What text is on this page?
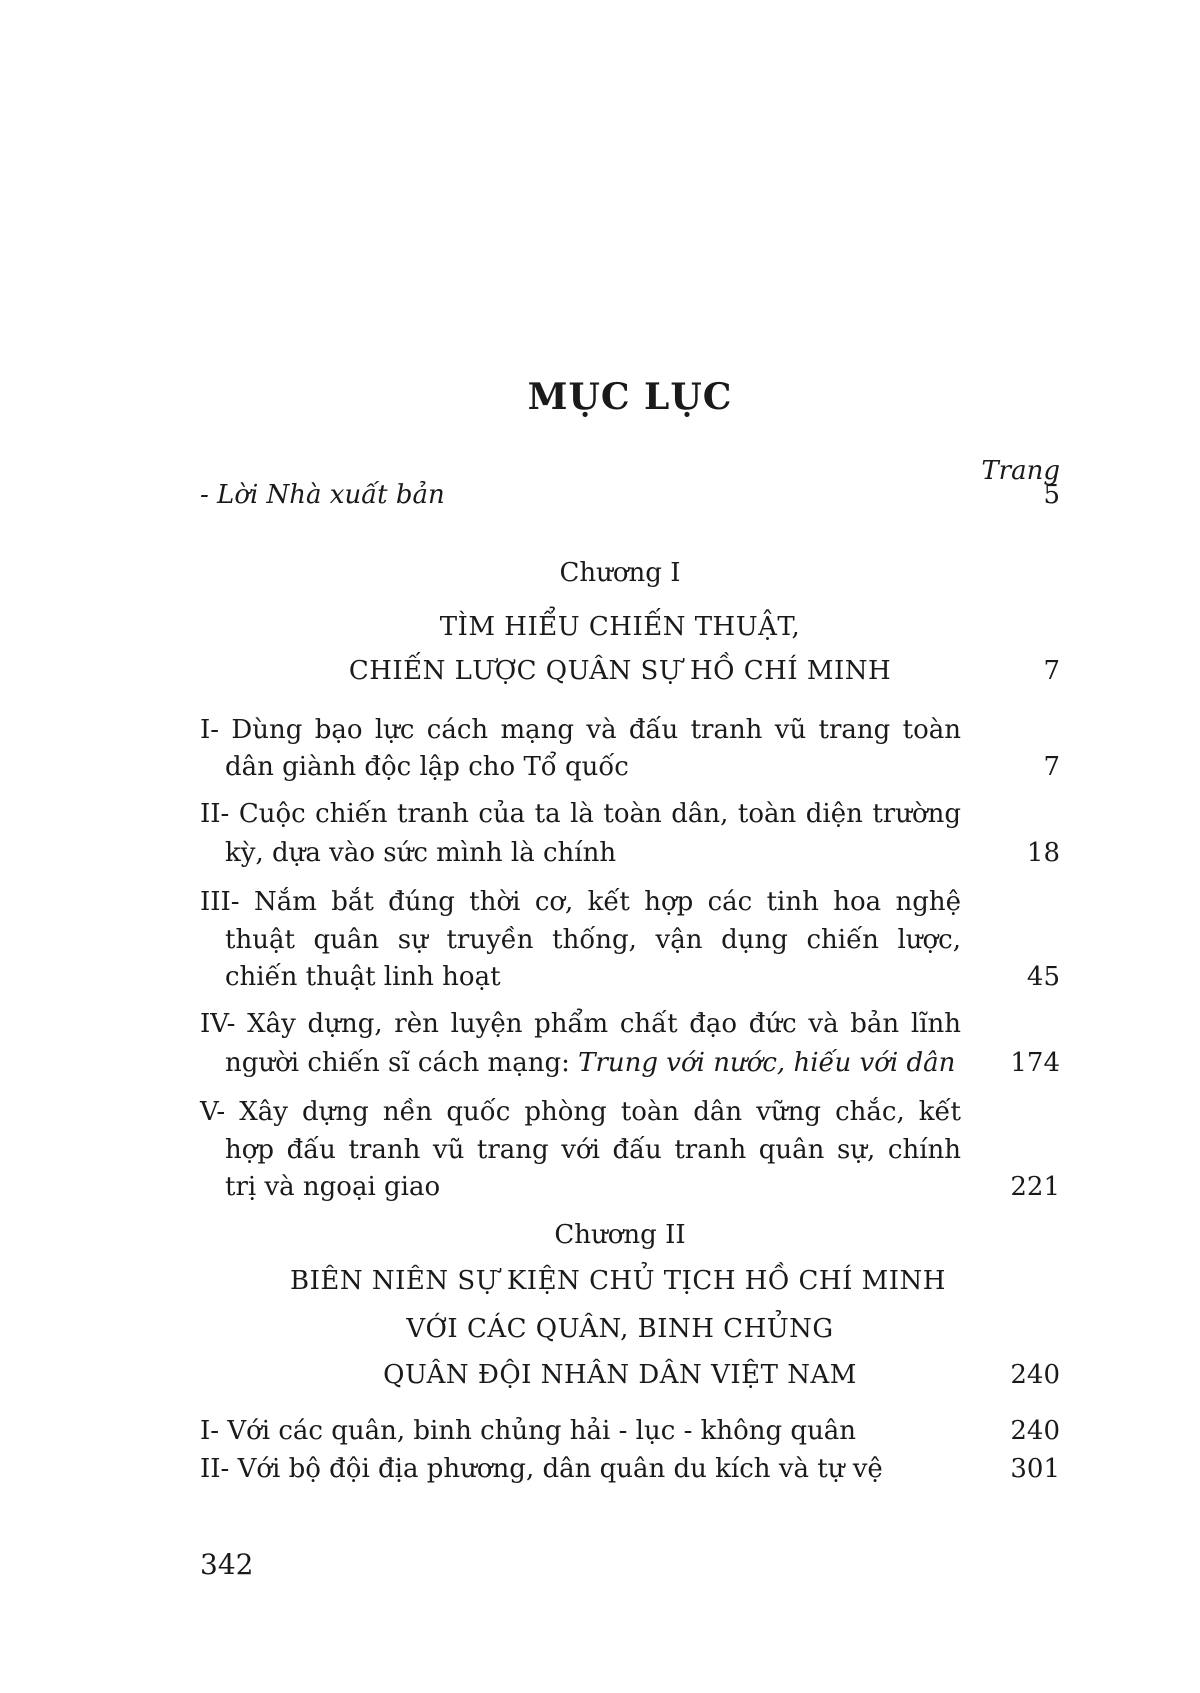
MỤC LỤC
Trang
- Lời Nhà xuất bản	5
Chương I
TÌM HIỂU CHIẾN THUẬT,
CHIẾN LƯỢC QUÂN SỰ HỒ CHÍ MINH	7
I- Dùng bạo lực cách mạng và đấu tranh vũ trang toàn
dân giành độc lập cho Tổ quốc	7
II- Cuộc chiến tranh của ta là toàn dân, toàn diện trường
kỳ, dựa vào sức mình là chính	18
III- Nắm bắt đúng thời cơ, kết hợp các tinh hoa nghệ
thuật quân sự truyền thống, vận dụng chiến lược,
chiến thuật linh hoạt	45
IV- Xây dựng, rèn luyện phẩm chất đạo đức và bản lĩnh
người chiến sĩ cách mạng: Trung với nước, hiếu với dân 174
V- Xây dựng nền quốc phòng toàn dân vững chắc, kết
hợp đấu tranh vũ trang với đấu tranh quân sự, chính
trị và ngoại giao	221
Chương II
BIÊN NIÊN SỰ KIỆN CHỦ TỊCH HỒ CHÍ MINH
VỚI CÁC QUÂN, BINH CHỦNG
QUÂN ĐỘI NHÂN DÂN VIỆT NAM	240
I- Với các quân, binh chủng hải - lục - không quân	240
II- Với bộ đội địa phương, dân quân du kích và tự vệ	301
342
